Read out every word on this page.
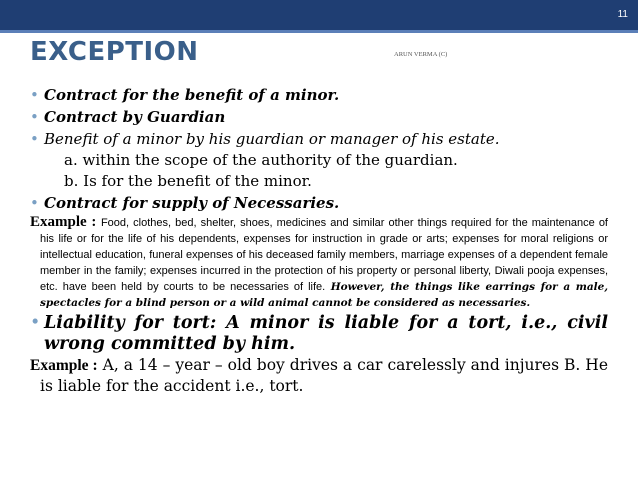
11
EXCEPTION	ARUN VERMA (C)
• Contract for the benefit of a minor.
• Contract by Guardian
• Benefit of a minor by his guardian or manager of his estate.
a. within the scope of the authority of the guardian.
b. Is for the benefit of the minor.
• Contract for supply of Necessaries.
Example : Food, clothes, bed, shelter, shoes, medicines and similar other things required for the maintenance of his life or for the life of his dependents, expenses for instruction in grade or arts; expenses for moral religions or intellectual education, funeral expenses of his deceased family members, marriage expenses of a dependent female member in the family; expenses incurred in the protection of his property or personal liberty, Diwali pooja expenses, etc. have been held by courts to be necessaries of life. However, the things like earrings for a male, spectacles for a blind person or a wild animal cannot be considered as necessaries.
• Liability for tort: A minor is liable for a tort, i.e., civil wrong committed by him.
Example : A, a 14 – year – old boy drives a car carelessly and injures B. He is liable for the accident i.e., tort.
